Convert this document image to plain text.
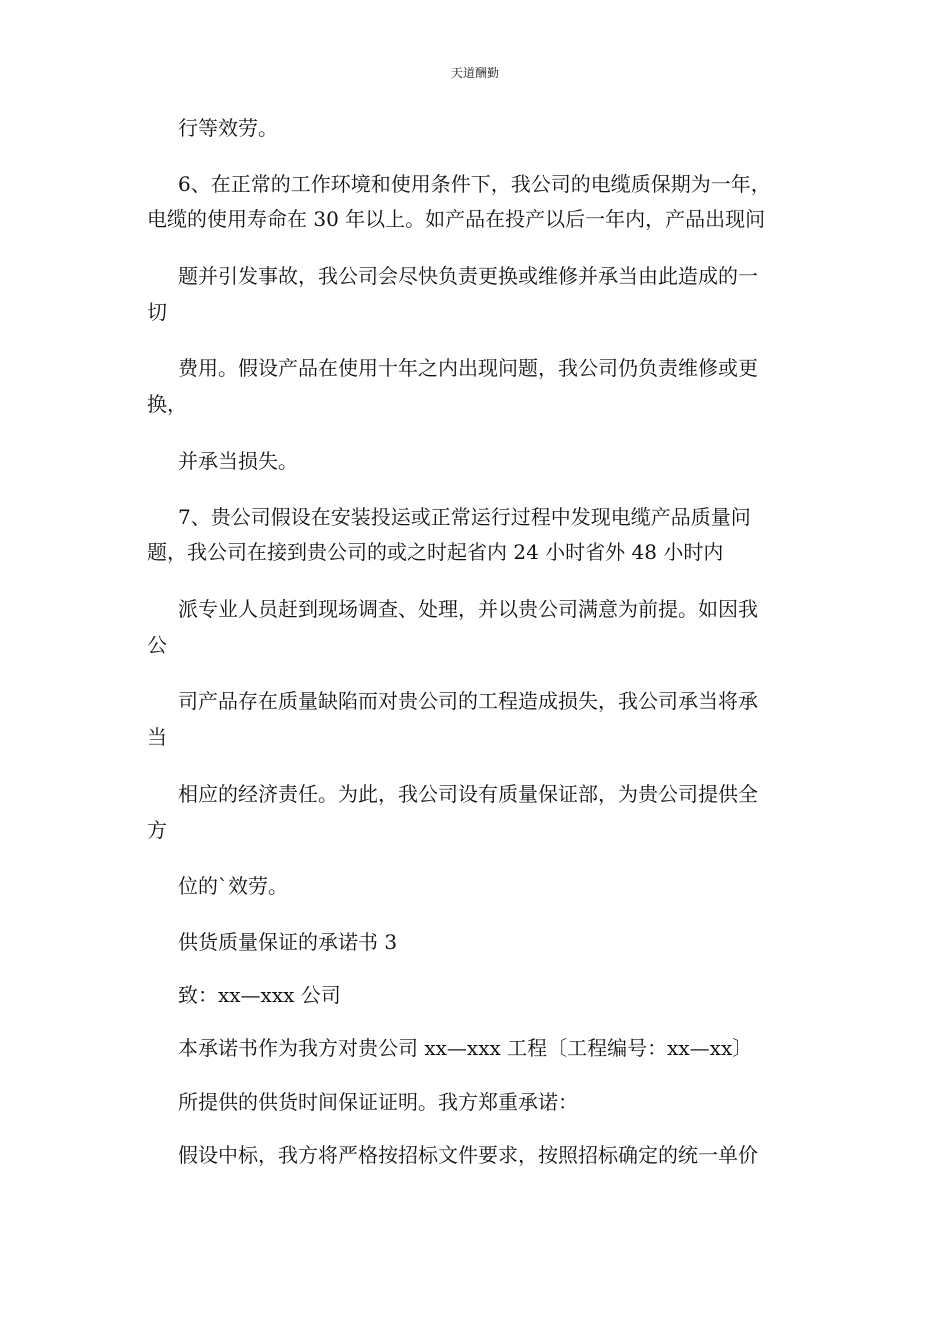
天道酬勤
行等效劳。
6、在正常的工作环境和使用条件下，我公司的电缆质保期为一年，
电缆的使用寿命在 30 年以上。如产品在投产以后一年内，产品出现问
题并引发事故，我公司会尽快负责更换或维修并承当由此造成的一
切
费用。假设产品在使用十年之内出现问题，我公司仍负责维修或更
换，
并承当损失。
7、贵公司假设在安装投运或正常运行过程中发现电缆产品质量问
题，我公司在接到贵公司的或之时起省内 24 小时省外 48 小时内
派专业人员赶到现场调查、处理，并以贵公司满意为前提。如因我
公
司产品存在质量缺陷而对贵公司的工程造成损失，我公司承当将承
当
相应的经济责任。为此，我公司设有质量保证部，为贵公司提供全
方
位的`效劳。
供货质量保证的承诺书 3
致：xx—xxx 公司
本承诺书作为我方对贵公司 xx—xxx 工程〔工程编号：xx—xx〕
所提供的供货时间保证证明。我方郑重承诺：
假设中标，我方将严格按招标文件要求，按照招标确定的统一单价
